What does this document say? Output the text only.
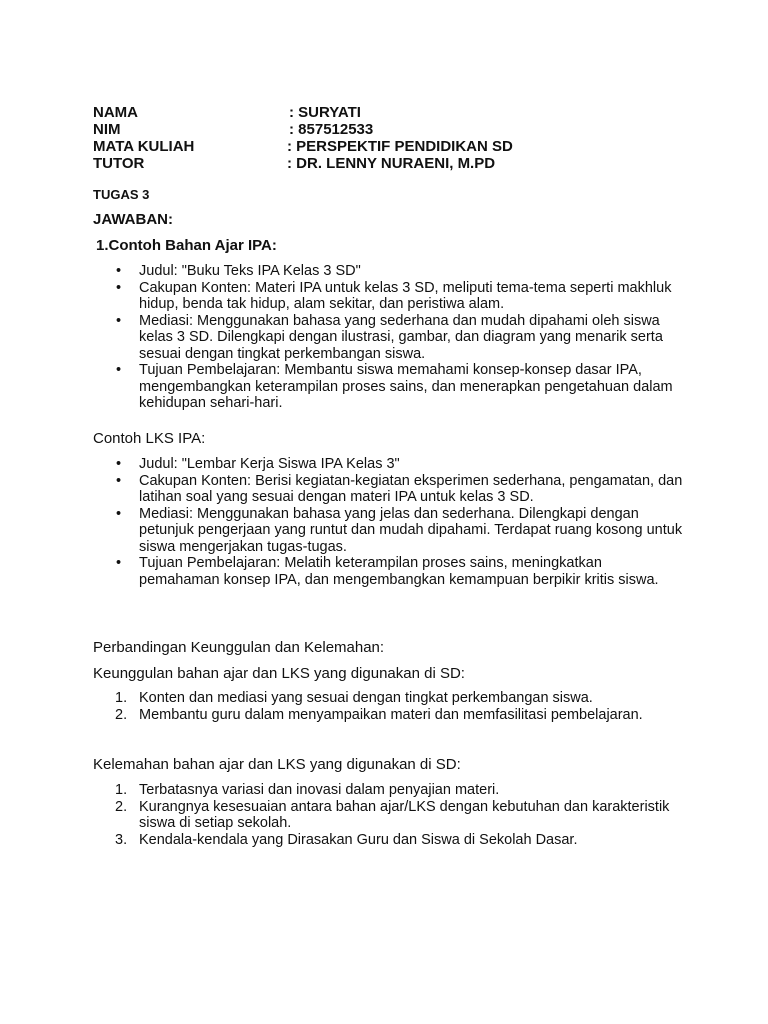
NAMA	: SURYATI
NIM	: 857512533
MATA KULIAH	: PERSPEKTIF PENDIDIKAN SD
TUTOR	: DR. LENNY NURAENI, M.PD
TUGAS 3
JAWABAN:
1.Contoh Bahan Ajar IPA:
• Judul: "Buku Teks IPA Kelas 3 SD"
• Cakupan Konten: Materi IPA untuk kelas 3 SD, meliputi tema-tema seperti makhluk hidup, benda tak hidup, alam sekitar, dan peristiwa alam.
• Mediasi: Menggunakan bahasa yang sederhana dan mudah dipahami oleh siswa kelas 3 SD. Dilengkapi dengan ilustrasi, gambar, dan diagram yang menarik serta sesuai dengan tingkat perkembangan siswa.
• Tujuan Pembelajaran: Membantu siswa memahami konsep-konsep dasar IPA, mengembangkan keterampilan proses sains, dan menerapkan pengetahuan dalam kehidupan sehari-hari.
Contoh LKS IPA:
• Judul: "Lembar Kerja Siswa IPA Kelas 3"
• Cakupan Konten: Berisi kegiatan-kegiatan eksperimen sederhana, pengamatan, dan latihan soal yang sesuai dengan materi IPA untuk kelas 3 SD.
• Mediasi: Menggunakan bahasa yang jelas dan sederhana. Dilengkapi dengan petunjuk pengerjaan yang runtut dan mudah dipahami. Terdapat ruang kosong untuk siswa mengerjakan tugas-tugas.
• Tujuan Pembelajaran: Melatih keterampilan proses sains, meningkatkan pemahaman konsep IPA, dan mengembangkan kemampuan berpikir kritis siswa.
Perbandingan Keunggulan dan Kelemahan:
Keunggulan bahan ajar dan LKS yang digunakan di SD:
1. Konten dan mediasi yang sesuai dengan tingkat perkembangan siswa.
2. Membantu guru dalam menyampaikan materi dan memfasilitasi pembelajaran.
Kelemahan bahan ajar dan LKS yang digunakan di SD:
1. Terbatasnya variasi dan inovasi dalam penyajian materi.
2. Kurangnya kesesuaian antara bahan ajar/LKS dengan kebutuhan dan karakteristik siswa di setiap sekolah.
3. Kendala-kendala yang Dirasakan Guru dan Siswa di Sekolah Dasar.
